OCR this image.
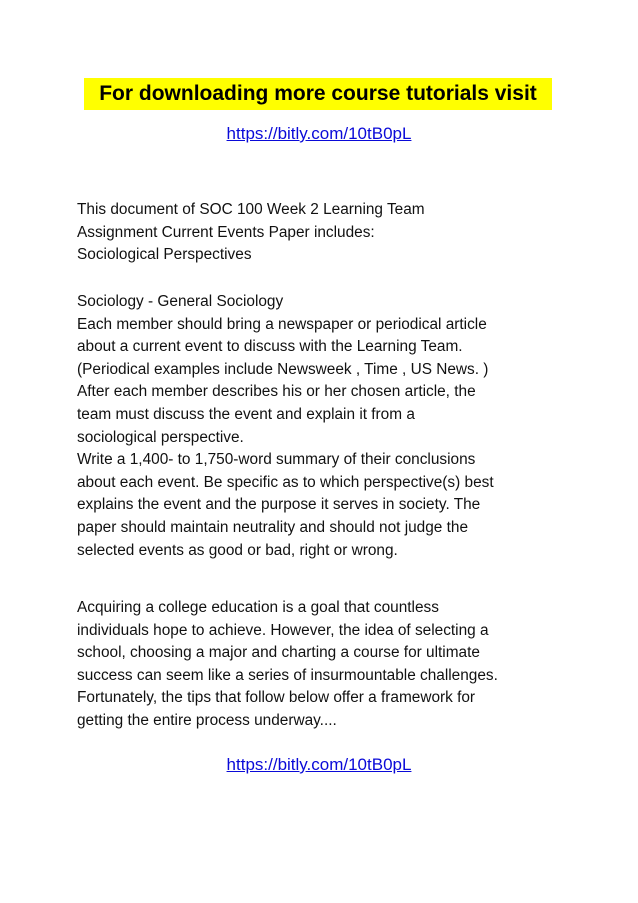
For downloading more course tutorials visit
https://bitly.com/10tB0pL
This document of SOC 100 Week 2 Learning Team
Assignment Current Events Paper includes:
Sociological Perspectives
Sociology - General Sociology
Each member should bring a newspaper or periodical article
about a current event to discuss with the Learning Team.
(Periodical examples include Newsweek , Time , US News. )
After each member describes his or her chosen article, the
team must discuss the event and explain it from a
sociological perspective.
Write a 1,400- to 1,750-word summary of their conclusions
about each event. Be specific as to which perspective(s) best
explains the event and the purpose it serves in society. The
paper should maintain neutrality and should not judge the
selected events as good or bad, right or wrong.
Acquiring a college education is a goal that countless
individuals hope to achieve. However, the idea of selecting a
school, choosing a major and charting a course for ultimate
success can seem like a series of insurmountable challenges.
Fortunately, the tips that follow below offer a framework for
getting the entire process underway....
https://bitly.com/10tB0pL
